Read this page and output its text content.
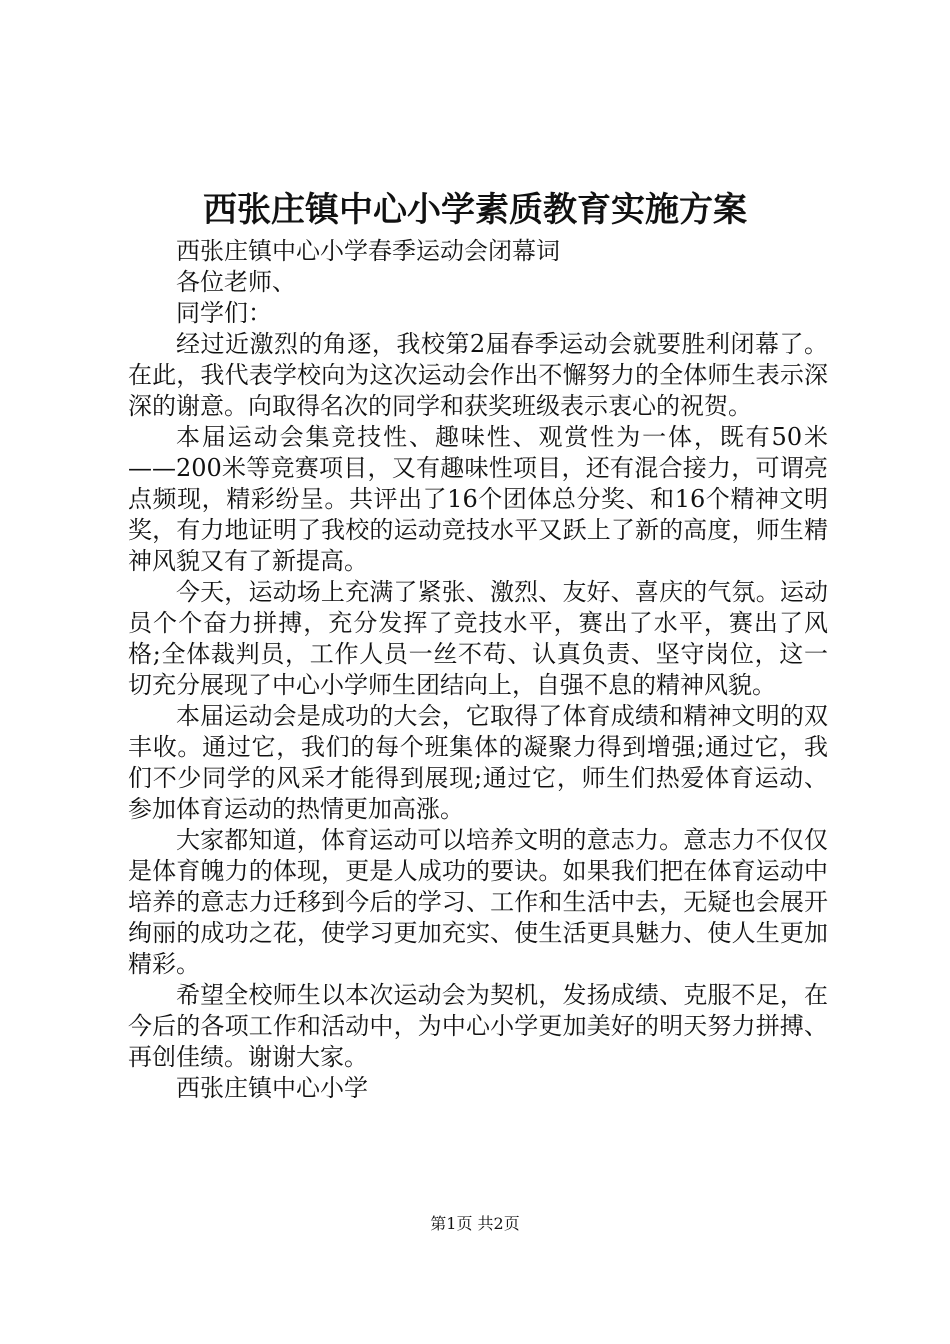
西张庄镇中心小学素质教育实施方案

西张庄镇中心小学春季运动会闭幕词

各位老师、

同学们：

经过近激烈的角逐，我校第2届春季运动会就要胜利闭幕了。在此，我代表学校向为这次运动会作出不懈努力的全体师生表示深深的谢意。向取得名次的同学和获奖班级表示衷心的祝贺。

本届运动会集竞技性、趣味性、观赏性为一体，既有50米——200米等竞赛项目，又有趣味性项目，还有混合接力，可谓亮点频现，精彩纷呈。共评出了16个团体总分奖、和16个精神文明奖，有力地证明了我校的运动竞技水平又跃上了新的高度，师生精神风貌又有了新提高。

今天，运动场上充满了紧张、激烈、友好、喜庆的气氛。运动员个个奋力拼搏，充分发挥了竞技水平，赛出了水平，赛出了风格;全体裁判员，工作人员一丝不苟、认真负责、坚守岗位，这一切充分展现了中心小学师生团结向上，自强不息的精神风貌。

本届运动会是成功的大会，它取得了体育成绩和精神文明的双丰收。通过它，我们的每个班集体的凝聚力得到增强;通过它，我们不少同学的风采才能得到展现;通过它，师生们热爱体育运动、参加体育运动的热情更加高涨。

大家都知道，体育运动可以培养文明的意志力。意志力不仅仅是体育魄力的体现，更是人成功的要诀。如果我们把在体育运动中培养的意志力迁移到今后的学习、工作和生活中去，无疑也会展开绚丽的成功之花，使学习更加充实、使生活更具魅力、使人生更加精彩。

希望全校师生以本次运动会为契机，发扬成绩、克服不足，在今后的各项工作和活动中，为中心小学更加美好的明天努力拼搏、再创佳绩。谢谢大家。

西张庄镇中心小学

第1页 共2页
